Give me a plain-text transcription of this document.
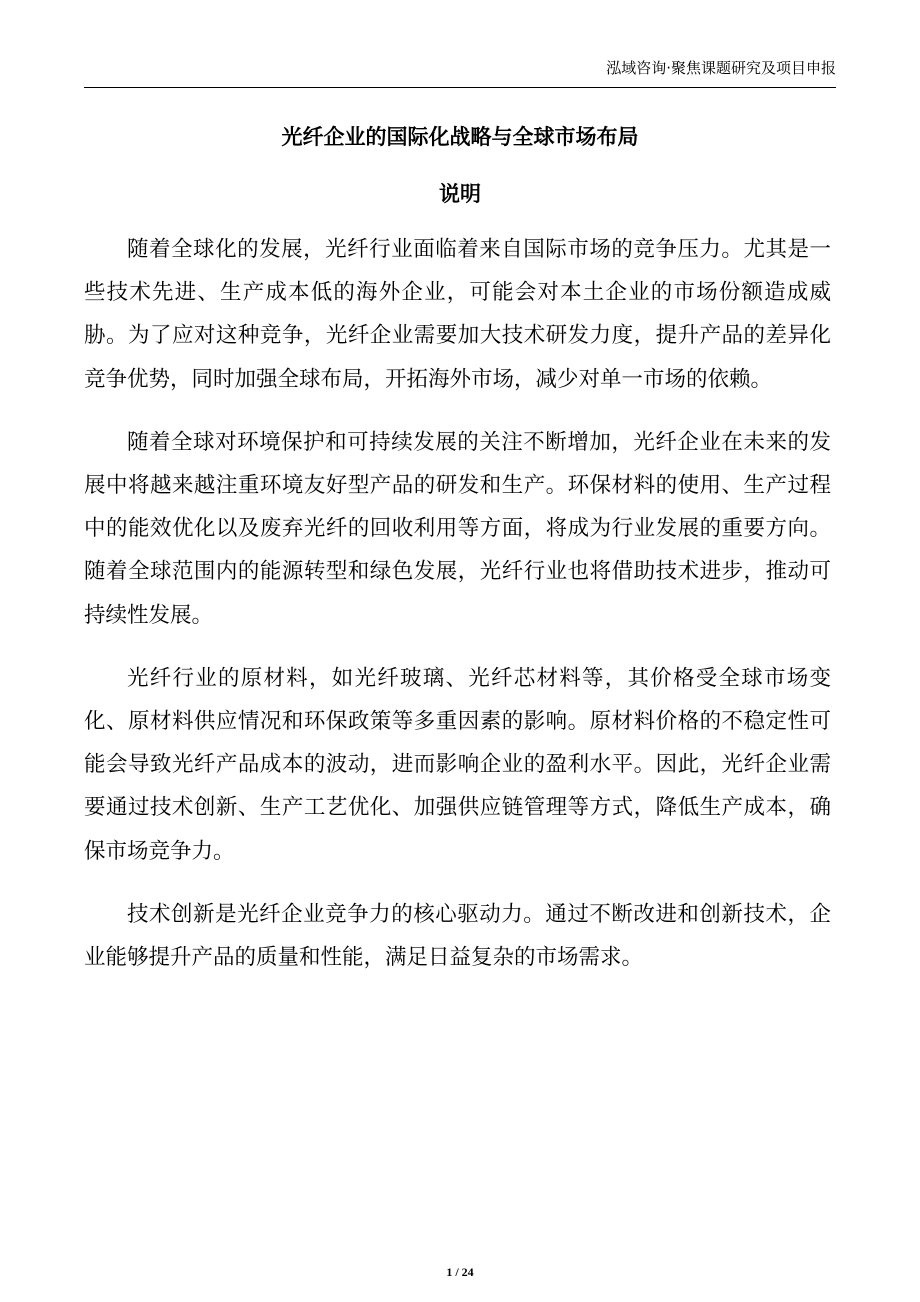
泓域咨询·聚焦课题研究及项目申报
光纤企业的国际化战略与全球市场布局
说明

随着全球化的发展，光纤行业面临着来自国际市场的竞争压力。尤其是一些技术先进、生产成本低的海外企业，可能会对本土企业的市场份额造成威胁。为了应对这种竞争，光纤企业需要加大技术研发力度，提升产品的差异化竞争优势，同时加强全球布局，开拓海外市场，减少对单一市场的依赖。

随着全球对环境保护和可持续发展的关注不断增加，光纤企业在未来的发展中将越来越注重环境友好型产品的研发和生产。环保材料的使用、生产过程中的能效优化以及废弃光纤的回收利用等方面，将成为行业发展的重要方向。随着全球范围内的能源转型和绿色发展，光纤行业也将借助技术进步，推动可持续性发展。

光纤行业的原材料，如光纤玻璃、光纤芯材料等，其价格受全球市场变化、原材料供应情况和环保政策等多重因素的影响。原材料价格的不稳定性可能会导致光纤产品成本的波动，进而影响企业的盈利水平。因此，光纤企业需要通过技术创新、生产工艺优化、加强供应链管理等方式，降低生产成本，确保市场竞争力。

技术创新是光纤企业竞争力的核心驱动力。通过不断改进和创新技术，企业能够提升产品的质量和性能，满足日益复杂的市场需求。

1 / 24
